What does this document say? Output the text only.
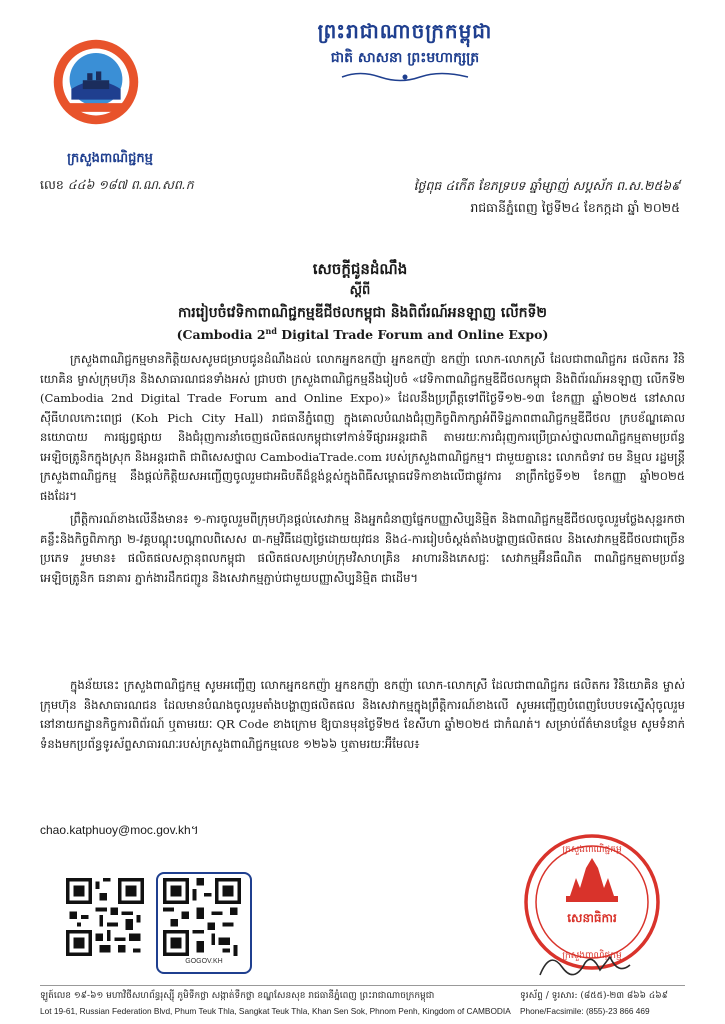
ក្រសួងពាណិជ្ជកម្ម
ព្រះរាជាណាចក្រកម្ពុជា
ជាតិ សាសនា ព្រះមហាក្សត្រ
លេខ ៤៤៦ ១៨៧ ព.ណ.សព.ក	ថ្ងៃពុធ ៤កើត ខែភទ្របទ ឆ្នាំម្សាញ់ សប្តស័ក ព.ស.២៥៦៩
រាជធានីភ្នំពេញ ថ្ងៃទី២៤ ខែកក្កដា ឆ្នាំ ២០២៥
សេចក្តីជូនដំណឹង
ស្តីពី
ការរៀបចំវេទិកាពាណិជ្ជកម្មឌីជីថលកម្ពុជា និងពិព័រណ៍អនឡាញ លើកទី២
(Cambodia 2nd Digital Trade Forum and Online Expo)
ក្រសួងពាណិជ្ជកម្មមានកិត្តិយសសូមជម្រាបជូនដំណឹងដល់ លោកអ្នកឧកញ៉ា អ្នកឧកញ៉ា ឧកញ៉ា លោក-លោកស្រី ដែលជាពាណិជ្ជករ ផលិតករ វិនិយោគិន ម្ចាស់ក្រុមហ៊ុន និងសាធារណជនទាំងអស់ ជ្រាបថា ក្រសួងពាណិជ្ជកម្មនឹងរៀបចំ «វេទិកាពាណិជ្ជកម្មឌីជីថលកម្ពុជា និងពិព័រណ៍អនឡាញ លើកទី២ (Cambodia 2nd Digital Trade Forum and Online Expo)» ដែលនឹងប្រព្រឹត្តទៅពីថ្ងៃទី១២-១៣ ខែកញ្ញា ឆ្នាំ២០២៥ នៅសាលស៊ីធីហលកោះពេជ្រ (Koh Pich City Hall) រាជធានីភ្នំពេញ ក្នុងគោលបំណងជំរុញកិច្ចពិភាក្សាអំពីទិដ្ឋភាពពាណិជ្ជកម្មឌីជីថល ក្របខ័ណ្ឌគោលនយោបាយ ការផ្សព្វផ្សាយ និងជំរុញការនាំចេញផលិតផលកម្ពុជាទៅកាន់ទីផ្សារអន្តរជាតិ តាមរយៈការជំរុញការប្រើប្រាស់ថ្នាលពាណិជ្ជកម្មតាមប្រព័ន្ធអេឡិចត្រូនិកក្នុងស្រុក និងអន្តរជាតិ ជាពិសេសថ្នាល CambodiaTrade.com របស់ក្រសួងពាណិជ្ជកម្ម។ ជាមួយគ្នានេះ លោកជំទាវ ចម និម្មល រដ្ឋមន្ត្រីក្រសួងពាណិជ្ជកម្ម នឹងផ្តល់កិត្តិយសអញ្ជើញចូលរួមជាអធិបតីដ៏ខ្ពង់ខ្ពស់ក្នុងពិធីសម្ពោធវេទិកាខាងលើជាផ្លូវការ នាព្រឹកថ្ងៃទី១២ ខែកញ្ញា ឆ្នាំ២០២៥ ផងដែរ។
ព្រឹត្តិការណ៍ខាងលើនឹងមាន៖ ១-ការចូលរួមពីក្រុមហ៊ុនផ្តល់សេវាកម្ម និងអ្នកជំនាញផ្នែកបញ្ញាសិប្បនិម្មិត និងពាណិជ្ជកម្មឌីជីថលចូលរួមថ្លែងសុន្ទរកថាគន្លឹះនិងកិច្ចពិភាក្សា ២-វគ្គបណ្តុះបណ្តាលពិសេស ៣-កម្មវិធីដេញថ្លៃដោយយុវជន និង៤-ការរៀបចំស្តង់តាំងបង្ហាញផលិតផល និងសេវាកម្មឌីជីថលជាច្រើនប្រភេទ រួមមាន៖ ផលិតផលសក្តានុពលកម្ពុជា ផលិតផលសម្រាប់ក្រុមវិសាហគ្រិន អាហារនិងភេសជ្ជៈ សេវាកម្មអ៊ីនធឺណិត ពាណិជ្ជកម្មតាមប្រព័ន្ធអេឡិចត្រូនិក ធនាគារ ភ្នាក់ងារដឹកជញ្ជូន និងសេវាកម្មភ្ជាប់ជាមួយបញ្ញាសិប្បនិម្មិត ជាដើម។
ក្នុងន័យនេះ ក្រសួងពាណិជ្ជកម្ម សូមអញ្ជើញ លោកអ្នកឧកញ៉ា អ្នកឧកញ៉ា ឧកញ៉ា លោក-លោកស្រី ដែលជាពាណិជ្ជករ ផលិតករ វិនិយោគិន ម្ចាស់ក្រុមហ៊ុន និងសាធារណជន ដែលមានបំណងចូលរួមតាំងបង្ហាញផលិតផល និងសេវាកម្មក្នុងព្រឹត្តិការណ៍ខាងលើ សូមអញ្ជើញបំពេញបែបបទស្នើសុំចូលរួមនៅនាយកដ្ឋានកិច្ចការពិព័រណ៍ ឬតាមរយៈ QR Code ខាងក្រោម ឱ្យបានមុនថ្ងៃទី២៥ ខែសីហា ឆ្នាំ២០២៥ ជាកំណត់។ សម្រាប់ព័ត៌មានបន្ថែម សូមទំនាក់ទំនងមកប្រព័ន្ធទូរស័ព្ទសាធារណៈរបស់ក្រសួងពាណិជ្ជកម្មលេខ ១២៦៦ ឬតាមរយៈអ៊ីមែល៖
chao.katphuoy@moc.gov.kh។
GOGOV.KH
ក្រសួងពាណិជ្ជកម្ម
សេនាធិការ
ក្រសួងពាណិជ្ជកម្ម
ឡូត៍លេខ ១៩-៦១ មហាវិថីសហព័ន្ធរុស្ស៊ី ភូមិទឹកថ្លា សង្កាត់ទឹកថ្លា ខណ្ឌសែនសុខ រាជធានីភ្នំពេញ ព្រះរាជាណាចក្រកម្ពុជា
Lot 19-61, Russian Federation Blvd, Phum Teuk Thla, Sangkat Teuk Thla, Khan Sen Sok, Phnom Penh, Kingdom of CAMBODIA
ទូរស័ព្ទ / ទូរសារ: (៨៥៥)-២៣ ៨៦៦ ៤៦៩
Phone/Facsimile: (855)-23 866 469
